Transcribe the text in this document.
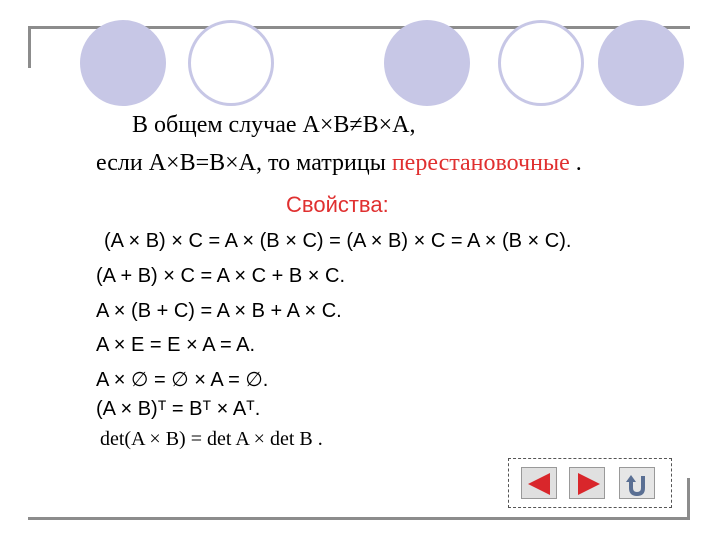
В общем случае A×B≠B×A,
если A×B=B×A, то матрицы перестановочные .
Свойства:
(A × B) × C = A × (B × C) = (A × B) × C = A × (B × C).
(A + B) × C = A × C + B × C.
A × (B + C) = A × B + A × C.
A × E = E × A = A.
A × ∅ = ∅ × A = ∅.
(A × B)ᵀ = Bᵀ × Aᵀ.
det(A × B) = det A × det B .
